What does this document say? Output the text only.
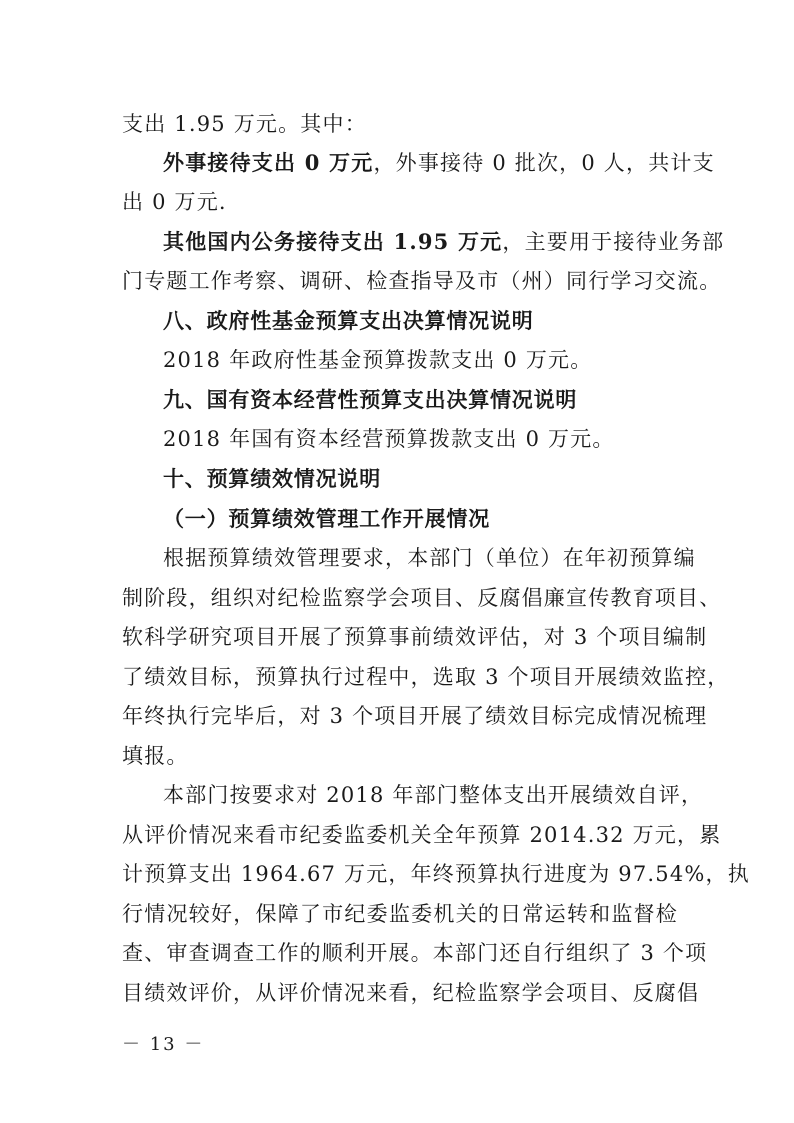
支出 1.95 万元。其中：
外事接待支出 0 万元，外事接待 0 批次，0 人，共计支
出 0 万元.
其他国内公务接待支出 1.95 万元，主要用于接待业务部
门专题工作考察、调研、检查指导及市（州）同行学习交流。
八、政府性基金预算支出决算情况说明
2018 年政府性基金预算拨款支出 0 万元。
九、国有资本经营性预算支出决算情况说明
2018 年国有资本经营预算拨款支出 0 万元。
十、预算绩效情况说明
（一）预算绩效管理工作开展情况
根据预算绩效管理要求，本部门（单位）在年初预算编
制阶段，组织对纪检监察学会项目、反腐倡廉宣传教育项目、
软科学研究项目开展了预算事前绩效评估，对 3 个项目编制
了绩效目标，预算执行过程中，选取 3 个项目开展绩效监控，
年终执行完毕后，对 3 个项目开展了绩效目标完成情况梳理
填报。
本部门按要求对 2018 年部门整体支出开展绩效自评，
从评价情况来看市纪委监委机关全年预算 2014.32 万元，累
计预算支出 1964.67 万元，年终预算执行进度为 97.54%，执
行情况较好，保障了市纪委监委机关的日常运转和监督检
查、审查调查工作的顺利开展。本部门还自行组织了 3 个项
目绩效评价，从评价情况来看，纪检监察学会项目、反腐倡
－ 13 －
